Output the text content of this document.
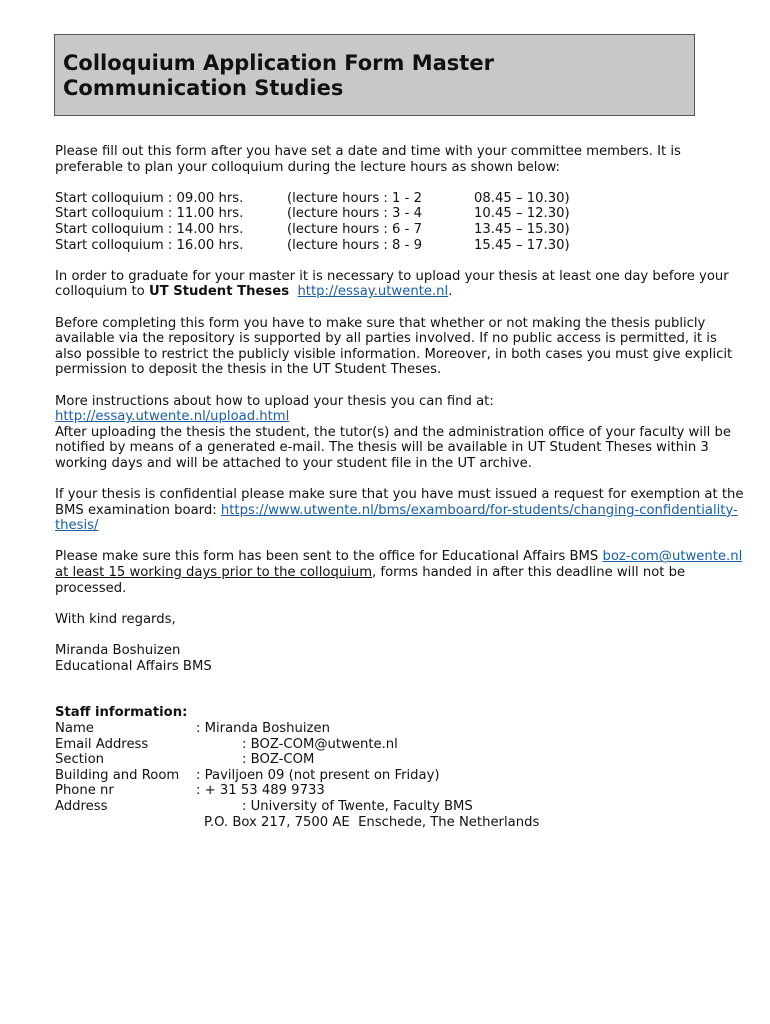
Colloquium Application Form Master
Communication Studies

Please fill out this form after you have set a date and time with your committee members. It is preferable to plan your colloquium during the lecture hours as shown below:

Start colloquium : 09.00 hrs.	(lecture hours : 1 - 2	08.45 – 10.30)
Start colloquium : 11.00 hrs.	(lecture hours : 3 - 4	10.45 – 12.30)
Start colloquium : 14.00 hrs.	(lecture hours : 6 - 7	13.45 – 15.30)
Start colloquium : 16.00 hrs.	(lecture hours : 8 - 9	15.45 – 17.30)

In order to graduate for your master it is necessary to upload your thesis at least one day before your colloquium to UT Student Theses http://essay.utwente.nl.

Before completing this form you have to make sure that whether or not making the thesis publicly available via the repository is supported by all parties involved. If no public access is permitted, it is also possible to restrict the publicly visible information. Moreover, in both cases you must give explicit permission to deposit the thesis in the UT Student Theses.

More instructions about how to upload your thesis you can find at:
http://essay.utwente.nl/upload.html
After uploading the thesis the student, the tutor(s) and the administration office of your faculty will be notified by means of a generated e-mail. The thesis will be available in UT Student Theses within 3 working days and will be attached to your student file in the UT archive.

If your thesis is confidential please make sure that you have must issued a request for exemption at the BMS examination board: https://www.utwente.nl/bms/examboard/for-students/changing-confidentiality-thesis/

Please make sure this form has been sent to the office for Educational Affairs BMS boz-com@utwente.nl at least 15 working days prior to the colloquium, forms handed in after this deadline will not be processed.

With kind regards,

Miranda Boshuizen
Educational Affairs BMS
Staff information:
Name	: Miranda Boshuizen
Email Address	: BOZ-COM@utwente.nl
Section	: BOZ-COM
Building and Room	: Paviljoen 09 (not present on Friday)
Phone nr	: + 31 53 489 9733
Address	: University of Twente, Faculty BMS
P.O. Box 217, 7500 AE  Enschede, The Netherlands
